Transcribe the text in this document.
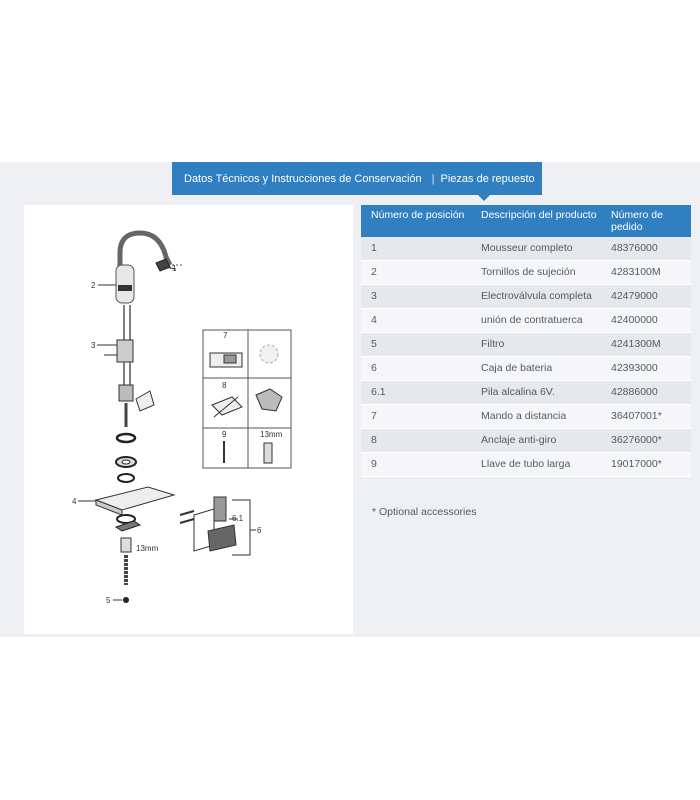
Datos Técnicos y Instrucciones de Conservación | Piezas de repuesto
1
2
3
4
5
13mm
7
8
9	13mm
6.1
6
Número de posición	Descripción del producto	Número de pedido
1	Mousseur completo	48376000
2	Tornillos de sujeción	4283100M
3	Electroválvula completa	42479000
4	unión de contratuerca	42400000
5	Filtro	4241300M
6	Caja de bateria	42393000
6.1	Pila alcalina 6V.	42886000
7	Mando a distancia	36407001*
8	Anclaje anti-giro	36276000*
9	Llave de tubo larga	19017000*
* Optional accessories
